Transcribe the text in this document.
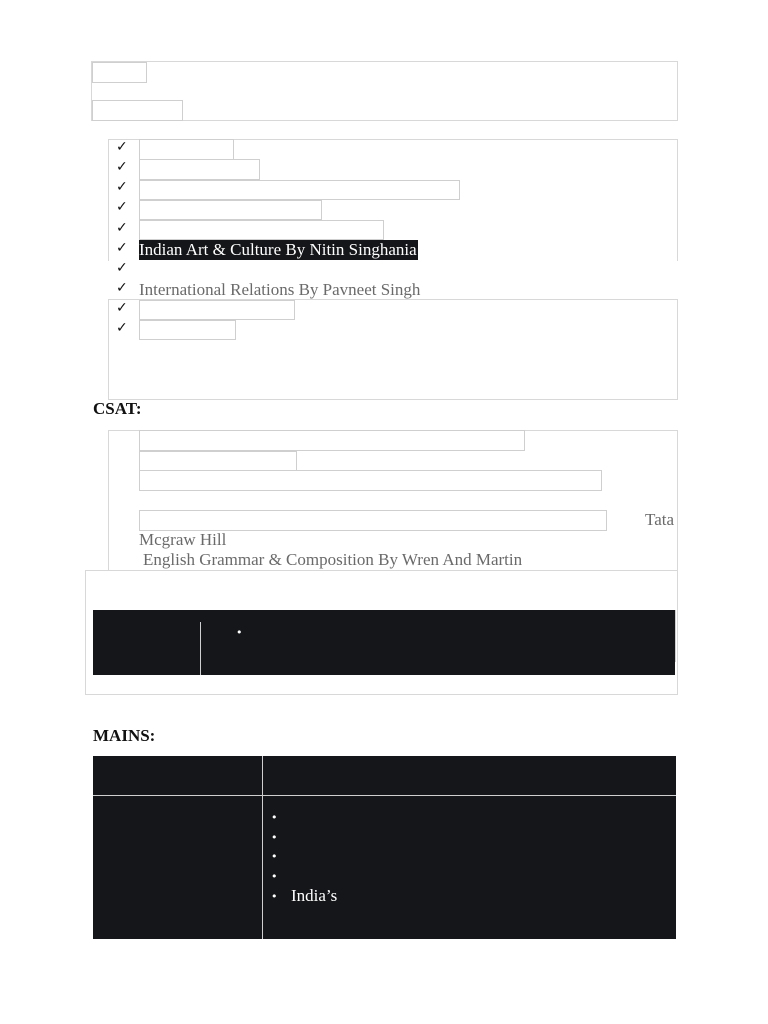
✓
✓
✓
✓
✓
✓
✓
✓
✓
✓
Indian Art & Culture By Nitin Singhania
International Relations By Pavneet Singh
CSAT:
Tata
Mcgraw Hill
English Grammar & Composition By Wren And Martin
•
MAINS:
•
•
•
•
• India’s
